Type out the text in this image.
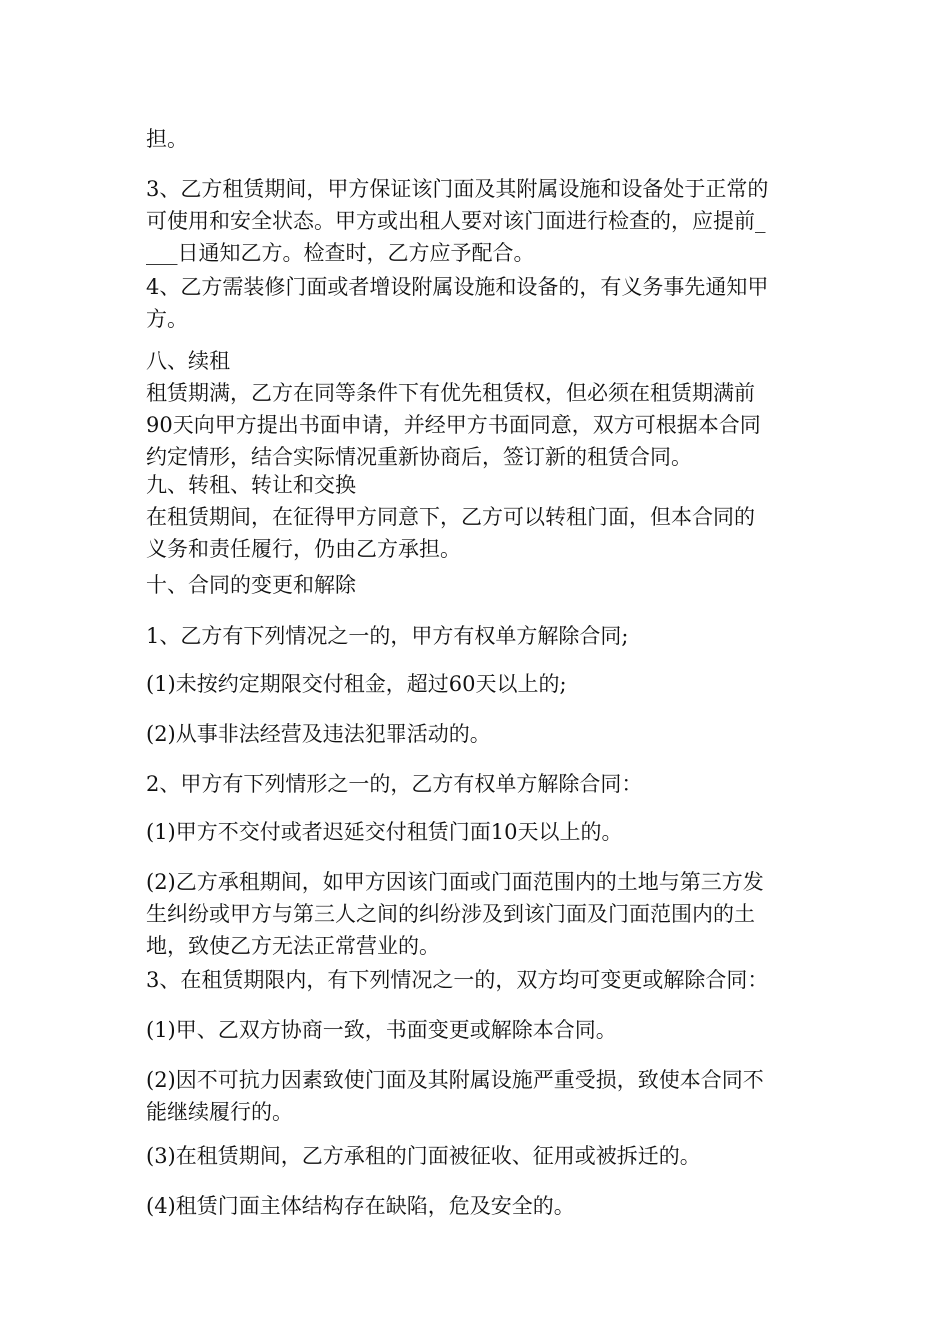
担。
3、乙方租赁期间，甲方保证该门面及其附属设施和设备处于正常的
可使用和安全状态。甲方或出租人要对该门面进行检查的，应提前_
___日通知乙方。检查时，乙方应予配合。
4、乙方需装修门面或者增设附属设施和设备的，有义务事先通知甲
方。
八、续租
租赁期满，乙方在同等条件下有优先租赁权，但必须在租赁期满前
90天向甲方提出书面申请，并经甲方书面同意，双方可根据本合同
约定情形，结合实际情况重新协商后，签订新的租赁合同。
九、转租、转让和交换
在租赁期间，在征得甲方同意下，乙方可以转租门面，但本合同的
义务和责任履行，仍由乙方承担。
十、合同的变更和解除
1、乙方有下列情况之一的，甲方有权单方解除合同;
(1)未按约定期限交付租金，超过60天以上的;
(2)从事非法经营及违法犯罪活动的。
2、甲方有下列情形之一的，乙方有权单方解除合同：
(1)甲方不交付或者迟延交付租赁门面10天以上的。
(2)乙方承租期间，如甲方因该门面或门面范围内的土地与第三方发
生纠纷或甲方与第三人之间的纠纷涉及到该门面及门面范围内的土
地，致使乙方无法正常营业的。
3、在租赁期限内，有下列情况之一的，双方均可变更或解除合同：
(1)甲、乙双方协商一致，书面变更或解除本合同。
(2)因不可抗力因素致使门面及其附属设施严重受损，致使本合同不
能继续履行的。
(3)在租赁期间，乙方承租的门面被征收、征用或被拆迁的。
(4)租赁门面主体结构存在缺陷，危及安全的。
